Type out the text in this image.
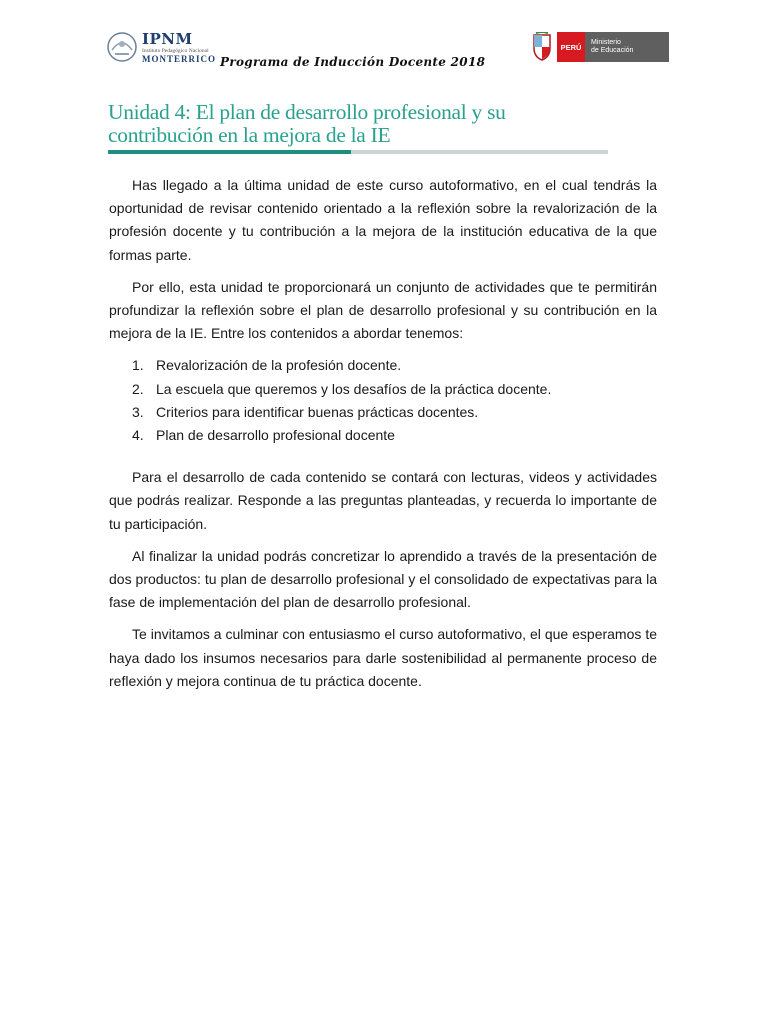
IPNM
Instituto Pedagógico Nacional
MONTERRICO Programa de Inducción Docente 2018
PERÚ	Ministerio
de Educación
Unidad 4: El plan de desarrollo profesional y su
contribución en la mejora de la IE

Has llegado a la última unidad de este curso autoformativo, en el cual tendrás la oportunidad de revisar contenido orientado a la reflexión sobre la revalorización de la profesión docente y tu contribución a la mejora de la institución educativa de la que formas parte.

Por ello, esta unidad te proporcionará un conjunto de actividades que te permitirán profundizar la reflexión sobre el plan de desarrollo profesional y su contribución en la mejora de la IE. Entre los contenidos a abordar tenemos:

1. Revalorización de la profesión docente.
2. La escuela que queremos y los desafíos de la práctica docente.
3. Criterios para identificar buenas prácticas docentes.
4. Plan de desarrollo profesional docente

Para el desarrollo de cada contenido se contará con lecturas, videos y actividades que podrás realizar. Responde a las preguntas planteadas, y recuerda lo importante de tu participación.

Al finalizar la unidad podrás concretizar lo aprendido a través de la presentación de dos productos: tu plan de desarrollo profesional y el consolidado de expectativas para la fase de implementación del plan de desarrollo profesional.

Te invitamos a culminar con entusiasmo el curso autoformativo, el que esperamos te haya dado los insumos necesarios para darle sostenibilidad al permanente proceso de reflexión y mejora continua de tu práctica docente.
